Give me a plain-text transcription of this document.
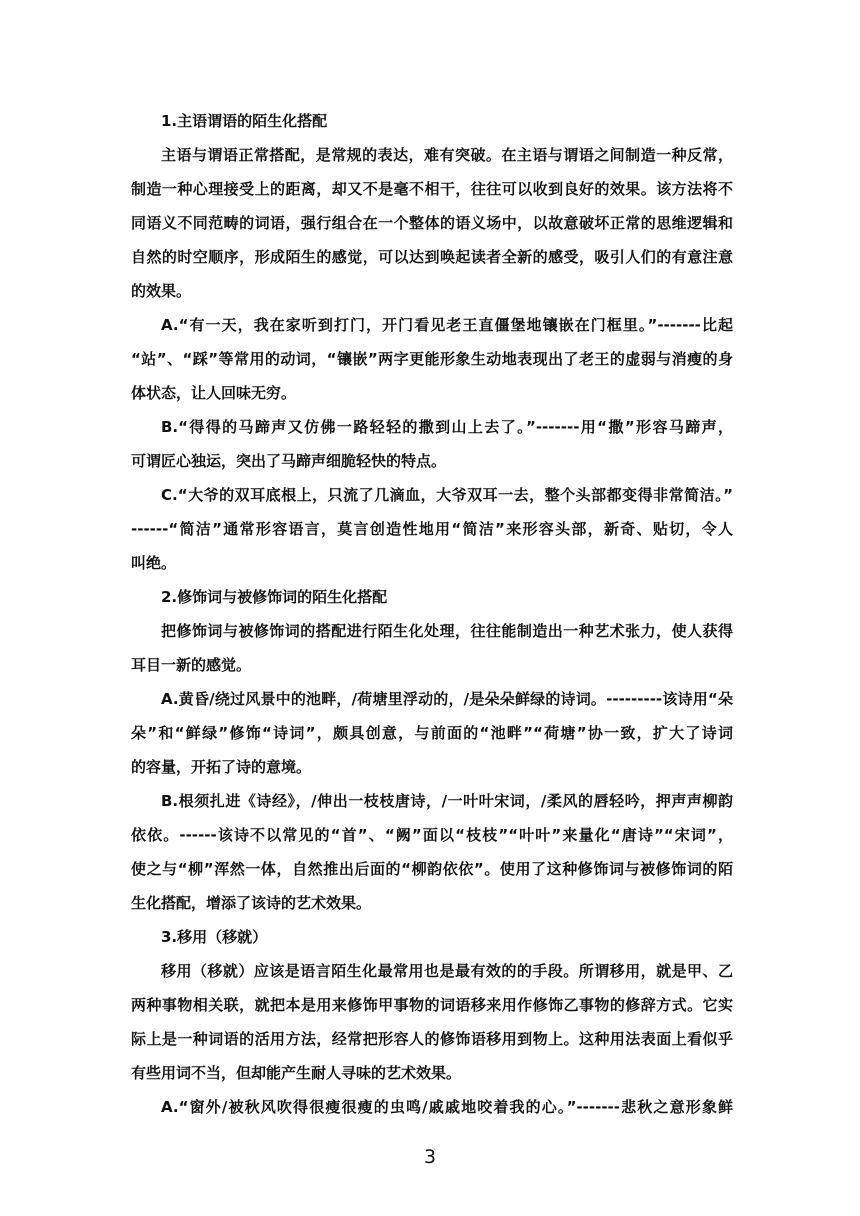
1.主语谓语的陌生化搭配
主语与谓语正常搭配，是常规的表达，难有突破。在主语与谓语之间制造一种反常，
制造一种心理接受上的距离，却又不是毫不相干，往往可以收到良好的效果。该方法将不
同语义不同范畴的词语，强行组合在一个整体的语义场中，以故意破坏正常的思维逻辑和
自然的时空顺序，形成陌生的感觉，可以达到唤起读者全新的感受，吸引人们的有意注意
的效果。
A.“有一天，我在家听到打门，开门看见老王直僵堡地镶嵌在门框里。”-------比起
“站”、“踩”等常用的动词，“镶嵌”两字更能形象生动地表现出了老王的虚弱与消瘦的身
体状态，让人回味无穷。
B.“得得的马蹄声又仿佛一路轻轻的撒到山上去了。”-------用“撒”形容马蹄声，
可谓匠心独运，突出了马蹄声细脆轻快的特点。
C.“大爷的双耳底根上，只流了几滴血，大爷双耳一去，整个头部都变得非常简洁。”
------“简洁”通常形容语言，莫言创造性地用“简洁”来形容头部，新奇、贴切，令人
叫绝。
2.修饰词与被修饰词的陌生化搭配
把修饰词与被修饰词的搭配进行陌生化处理，往往能制造出一种艺术张力，使人获得
耳目一新的感觉。
A.黄昏/绕过风景中的池畔，/荷塘里浮动的，/是朵朵鲜绿的诗词。---------该诗用“朵
朵”和“鲜绿”修饰“诗词”，颇具创意，与前面的“池畔”“荷塘”协一致，扩大了诗词
的容量，开拓了诗的意境。
B.根须扎进《诗经》，/伸出一枝枝唐诗，/一叶叶宋词，/柔风的唇轻吟，押声声柳韵
依依。------该诗不以常见的“首”、“阙”面以“枝枝”“叶叶”来量化“唐诗”“宋词”，
使之与“柳”浑然一体，自然推出后面的“柳韵依依”。使用了这种修饰词与被修饰词的陌
生化搭配，增添了该诗的艺术效果。
3.移用（移就）
移用（移就）应该是语言陌生化最常用也是最有效的的手段。所谓移用，就是甲、乙
两种事物相关联，就把本是用来修饰甲事物的词语移来用作修饰乙事物的修辞方式。它实
际上是一种词语的活用方法，经常把形容人的修饰语移用到物上。这种用法表面上看似乎
有些用词不当，但却能产生耐人寻味的艺术效果。
A.“窗外/被秋风吹得很瘦很瘦的虫鸣/戚戚地咬着我的心。”-------悲秋之意形象鲜
3
